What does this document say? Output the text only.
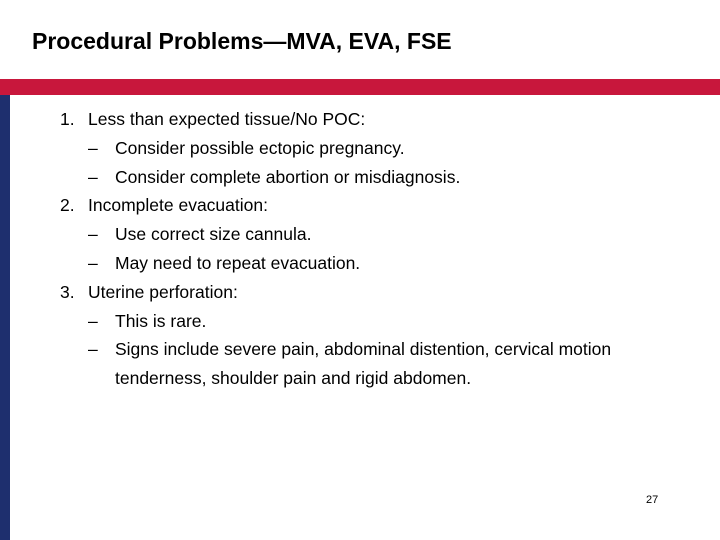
Procedural Problems—MVA, EVA, FSE
1. Less than expected tissue/No POC:
– Consider possible ectopic pregnancy.
– Consider complete abortion or misdiagnosis.
2. Incomplete evacuation:
– Use correct size cannula.
– May need to repeat evacuation.
3. Uterine perforation:
– This is rare.
– Signs include severe pain, abdominal distention, cervical motion tenderness, shoulder pain and rigid abdomen.
27
